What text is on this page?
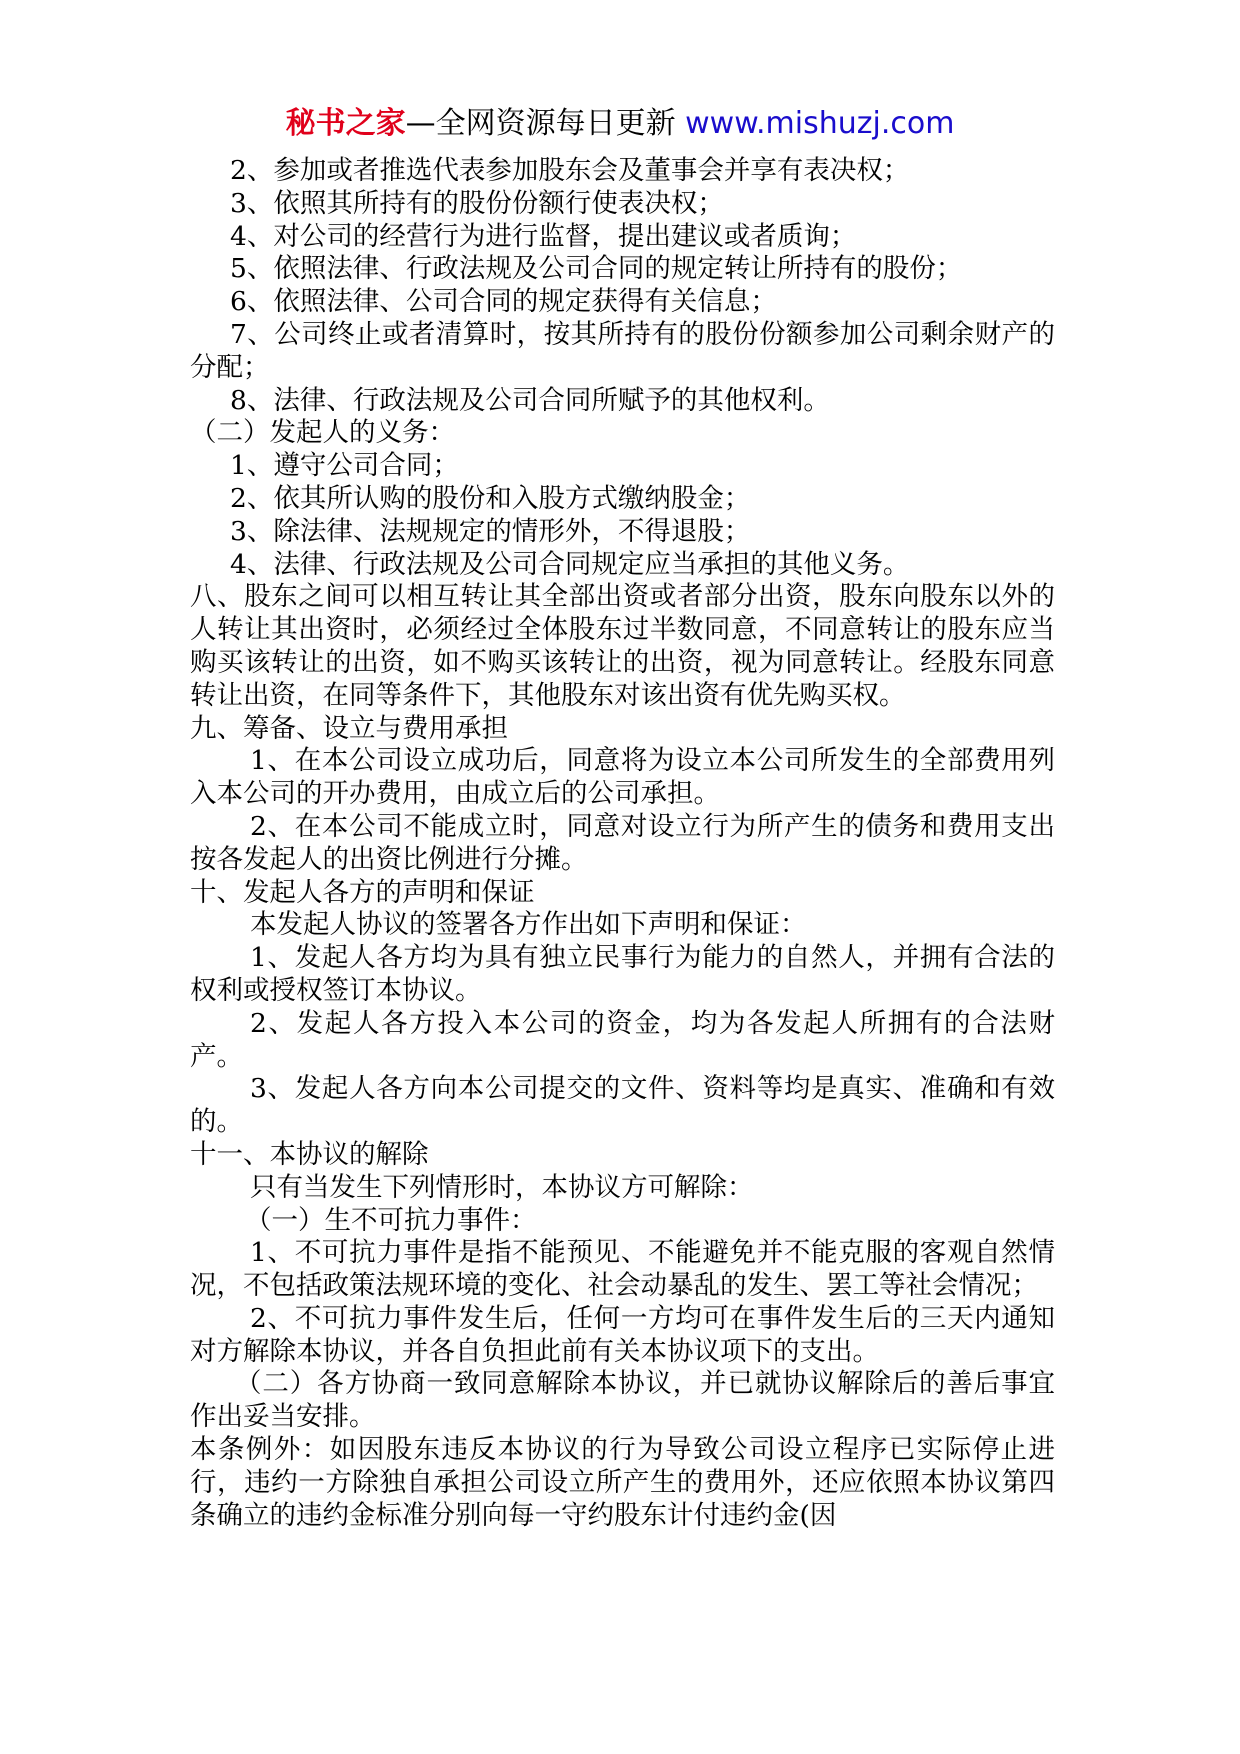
秘书之家—全网资源每日更新 www.mishuzj.com

2、参加或者推选代表参加股东会及董事会并享有表决权；

3、依照其所持有的股份份额行使表决权；

4、对公司的经营行为进行监督，提出建议或者质询；

5、依照法律、行政法规及公司合同的规定转让所持有的股份；

6、依照法律、公司合同的规定获得有关信息；

7、公司终止或者清算时，按其所持有的股份份额参加公司剩余财产的分配；

8、法律、行政法规及公司合同所赋予的其他权利。

（二）发起人的义务：

1、遵守公司合同；

2、依其所认购的股份和入股方式缴纳股金；

3、除法律、法规规定的情形外，不得退股；

4、法律、行政法规及公司合同规定应当承担的其他义务。

八、股东之间可以相互转让其全部出资或者部分出资，股东向股东以外的人转让其出资时，必须经过全体股东过半数同意，不同意转让的股东应当购买该转让的出资，如不购买该转让的出资，视为同意转让。经股东同意转让出资，在同等条件下，其他股东对该出资有优先购买权。

九、筹备、设立与费用承担

1、在本公司设立成功后，同意将为设立本公司所发生的全部费用列入本公司的开办费用，由成立后的公司承担。

2、在本公司不能成立时，同意对设立行为所产生的债务和费用支出按各发起人的出资比例进行分摊。

十、发起人各方的声明和保证

本发起人协议的签署各方作出如下声明和保证：

1、发起人各方均为具有独立民事行为能力的自然人，并拥有合法的权利或授权签订本协议。

2、发起人各方投入本公司的资金，均为各发起人所拥有的合法财产。

3、发起人各方向本公司提交的文件、资料等均是真实、准确和有效的。

十一、本协议的解除

只有当发生下列情形时，本协议方可解除：

（一）生不可抗力事件：

1、不可抗力事件是指不能预见、不能避免并不能克服的客观自然情况，不包括政策法规环境的变化、社会动暴乱的发生、罢工等社会情况；

2、不可抗力事件发生后，任何一方均可在事件发生后的三天内通知对方解除本协议，并各自负担此前有关本协议项下的支出。

（二）各方协商一致同意解除本协议，并已就协议解除后的善后事宜作出妥当安排。

本条例外：如因股东违反本协议的行为导致公司设立程序已实际停止进行，违约一方除独自承担公司设立所产生的费用外，还应依照本协议第四条确立的违约金标准分别向每一守约股东计付违约金(因
